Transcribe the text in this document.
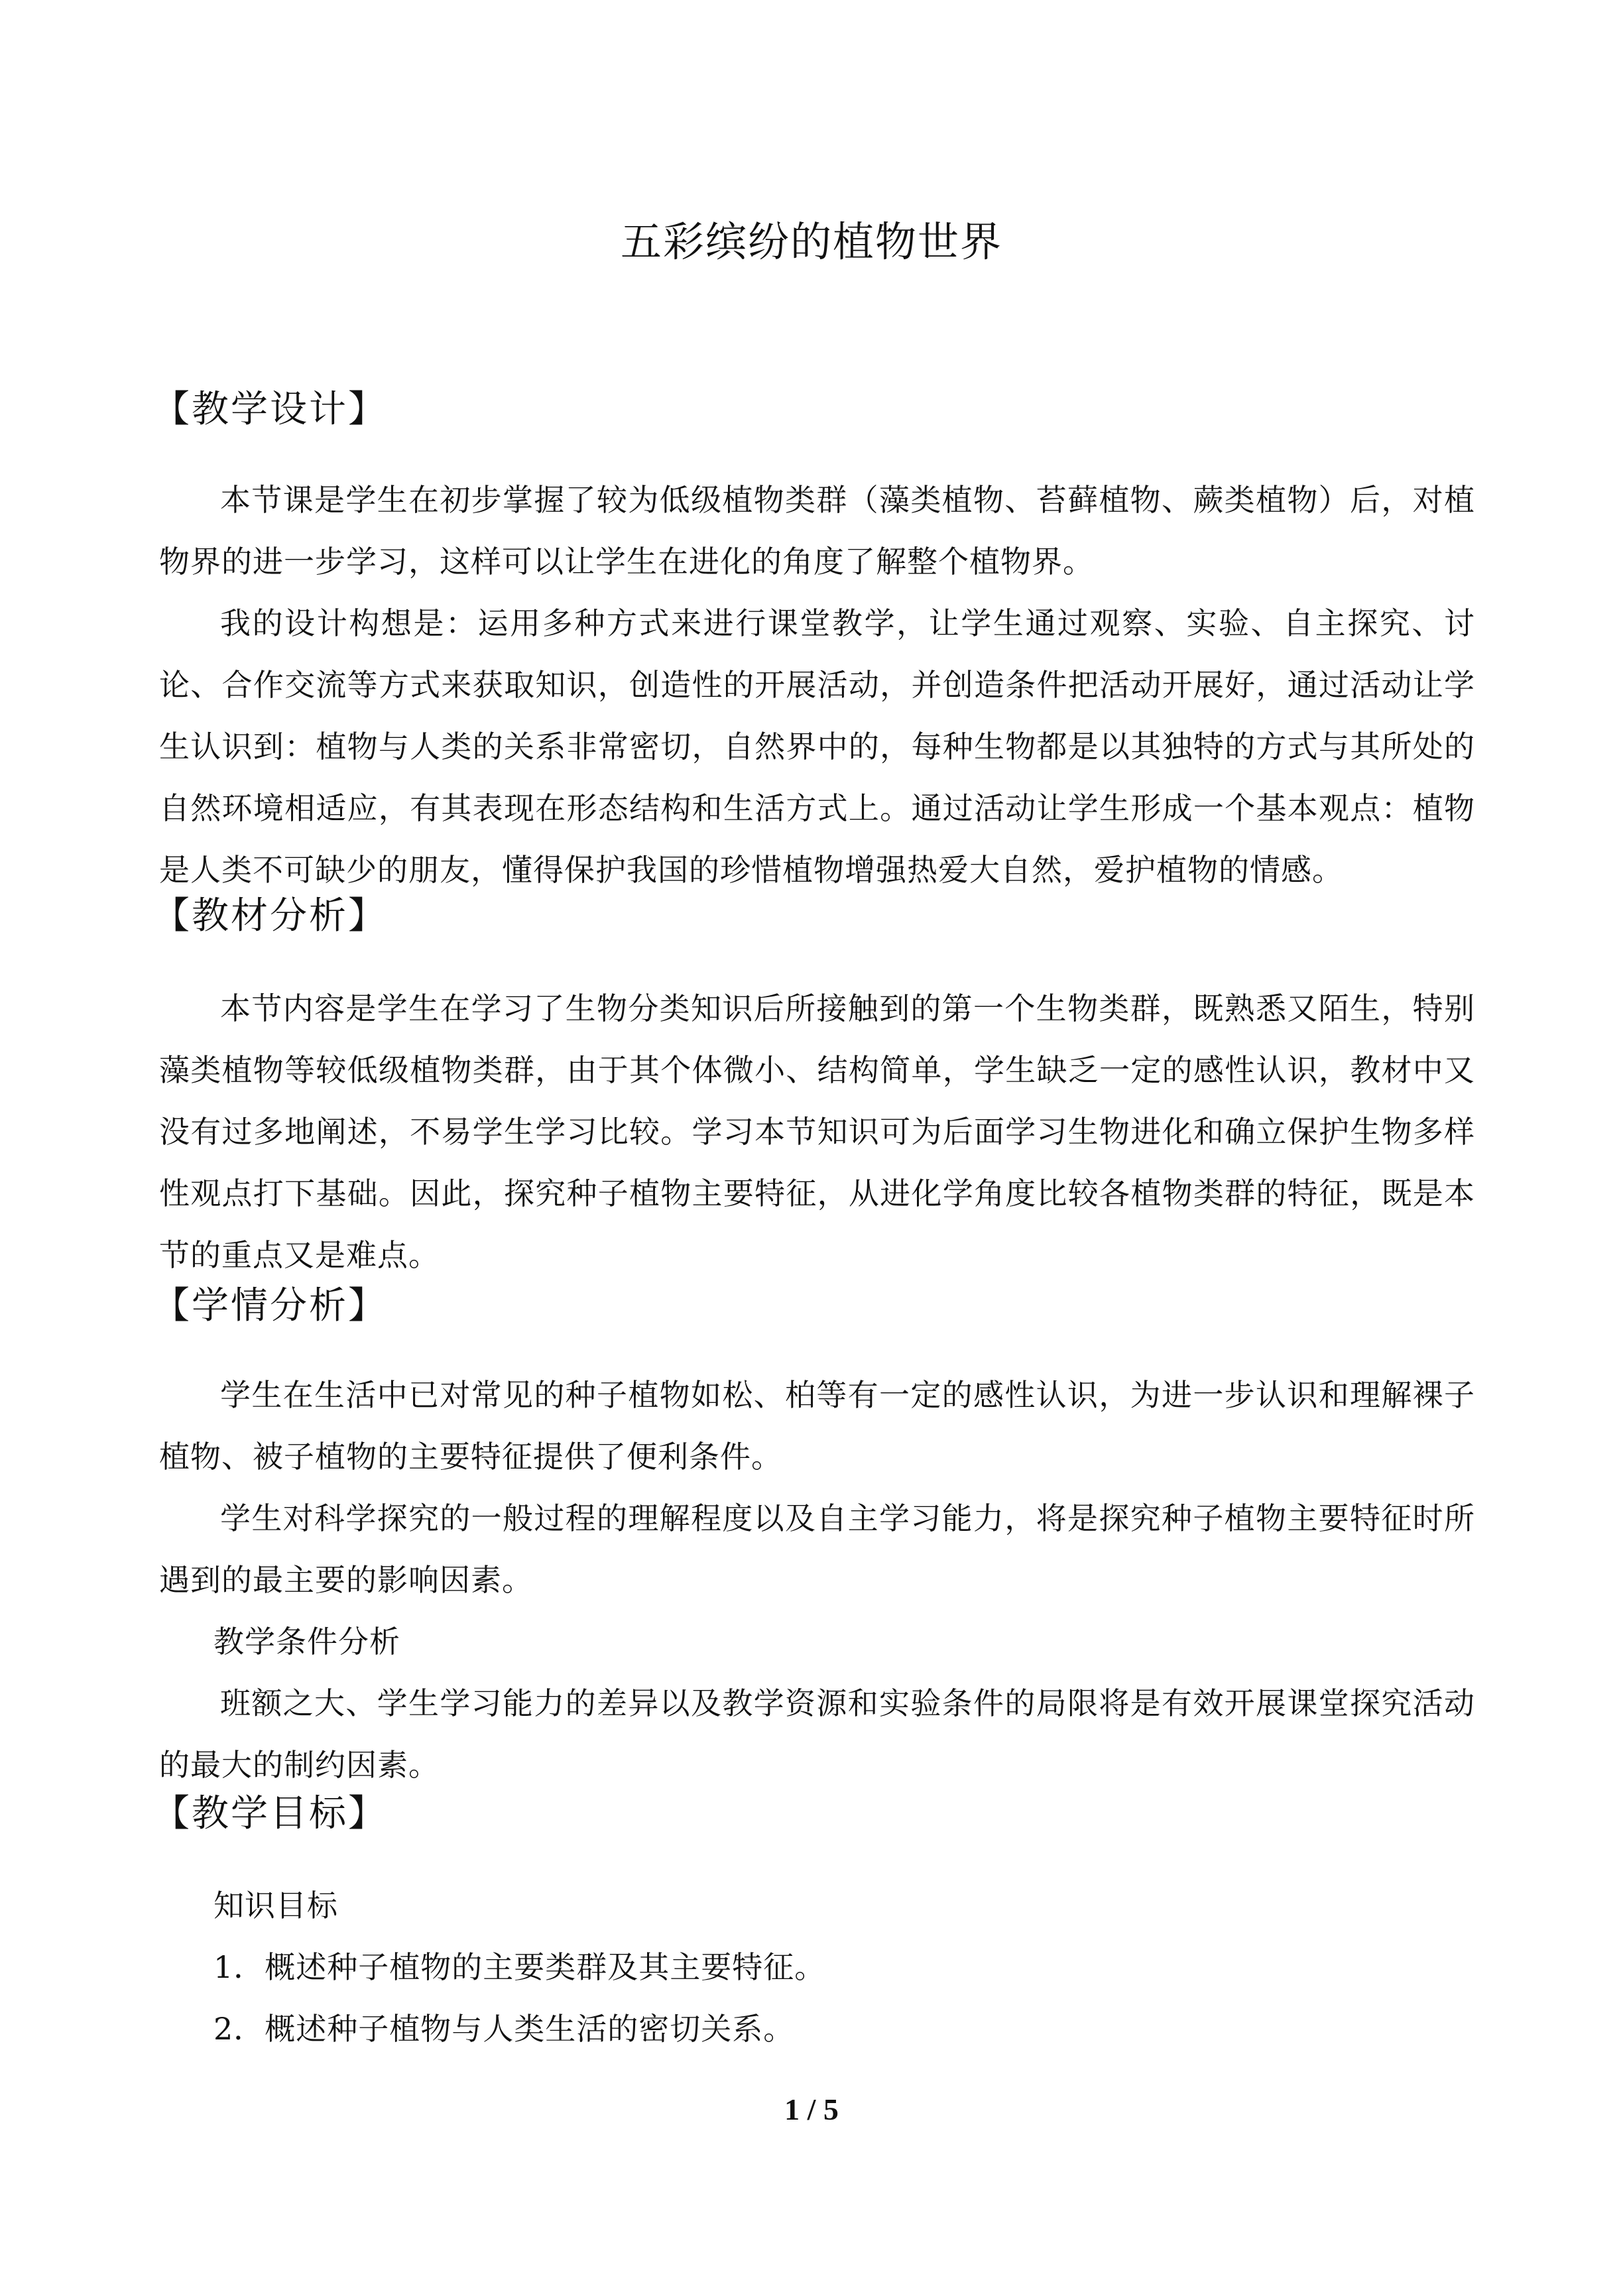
五彩缤纷的植物世界
【教学设计】
本节课是学生在初步掌握了较为低级植物类群（藻类植物、苔藓植物、蕨类植物）后，对植物界的进一步学习，这样可以让学生在进化的角度了解整个植物界。
我的设计构想是：运用多种方式来进行课堂教学，让学生通过观察、实验、自主探究、讨论、合作交流等方式来获取知识，创造性的开展活动，并创造条件把活动开展好，通过活动让学生认识到：植物与人类的关系非常密切，自然界中的，每种生物都是以其独特的方式与其所处的自然环境相适应，有其表现在形态结构和生活方式上。通过活动让学生形成一个基本观点：植物是人类不可缺少的朋友，懂得保护我国的珍惜植物增强热爱大自然，爱护植物的情感。
【教材分析】
本节内容是学生在学习了生物分类知识后所接触到的第一个生物类群，既熟悉又陌生，特别藻类植物等较低级植物类群，由于其个体微小、结构简单，学生缺乏一定的感性认识，教材中又没有过多地阐述，不易学生学习比较。学习本节知识可为后面学习生物进化和确立保护生物多样性观点打下基础。因此，探究种子植物主要特征，从进化学角度比较各植物类群的特征，既是本节的重点又是难点。
【学情分析】
学生在生活中已对常见的种子植物如松、柏等有一定的感性认识，为进一步认识和理解裸子植物、被子植物的主要特征提供了便利条件。
学生对科学探究的一般过程的理解程度以及自主学习能力，将是探究种子植物主要特征时所遇到的最主要的影响因素。
教学条件分析
班额之大、学生学习能力的差异以及教学资源和实验条件的局限将是有效开展课堂探究活动的最大的制约因素。
【教学目标】
知识目标
1．概述种子植物的主要类群及其主要特征。
2．概述种子植物与人类生活的密切关系。
1 / 5
